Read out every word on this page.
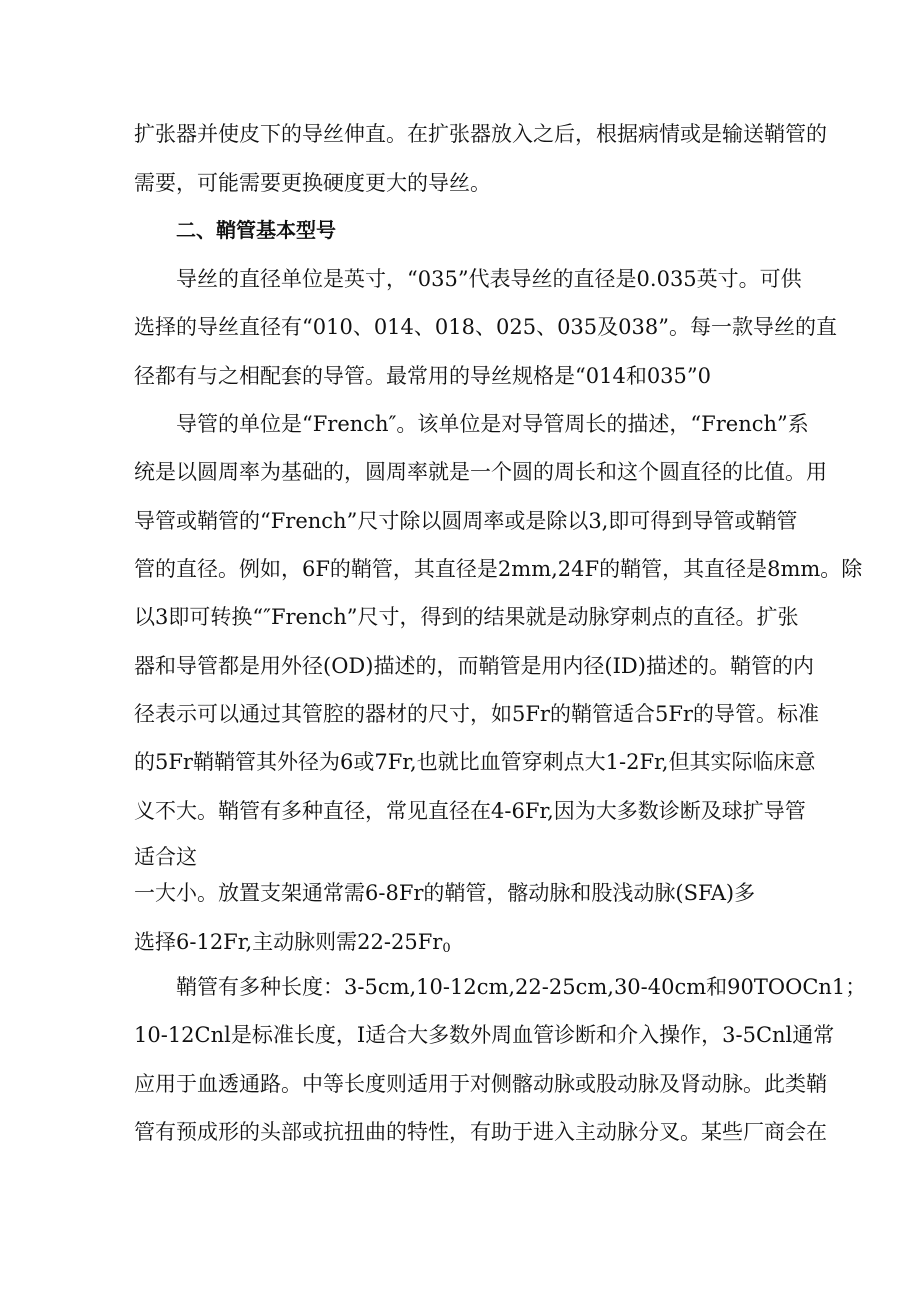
扩张器并使皮下的导丝伸直。在扩张器放入之后，根据病情或是输送鞘管的

需要，可能需要更换硬度更大的导丝。

二、鞘管基本型号

导丝的直径单位是英寸，“035”代表导丝的直径是0.035英寸。可供

选择的导丝直径有“010、014、018、025、035及038”。每一款导丝的直

径都有与之相配套的导管。最常用的导丝规格是“014和035”0

导管的单位是“French″。该单位是对导管周长的描述，“French”系

统是以圆周率为基础的，圆周率就是一个圆的周长和这个圆直径的比值。用

导管或鞘管的“French”尺寸除以圆周率或是除以3,即可得到导管或鞘管

管的直径。例如，6F的鞘管，其直径是2mm,24F的鞘管，其直径是8mm。除

以3即可转换“″French”尺寸，得到的结果就是动脉穿刺点的直径。扩张

器和导管都是用外径(OD)描述的，而鞘管是用内径(ID)描述的。鞘管的内

径表示可以通过其管腔的器材的尺寸，如5Fr的鞘管适合5Fr的导管。标准

的5Fr鞘鞘管其外径为6或7Fr,也就比血管穿刺点大1-2Fr,但其实际临床意

义不大。鞘管有多种直径，常见直径在4-6Fr,因为大多数诊断及球扩导管

适合这

一大小。放置支架通常需6-8Fr的鞘管，髂动脉和股浅动脉(SFA)多

选择6-12Fr,主动脉则需$22-25Fr_0$

鞘管有多种长度：3-5cm,10-12cm,22-25cm,30-40cm和90TOOCn1；

10-12Cnl是标准长度，I适合大多数外周血管诊断和介入操作，3-5Cnl通常

应用于血透通路。中等长度则适用于对侧髂动脉或股动脉及肾动脉。此类鞘

管有预成形的头部或抗扭曲的特性，有助于进入主动脉分叉。某些厂商会在
